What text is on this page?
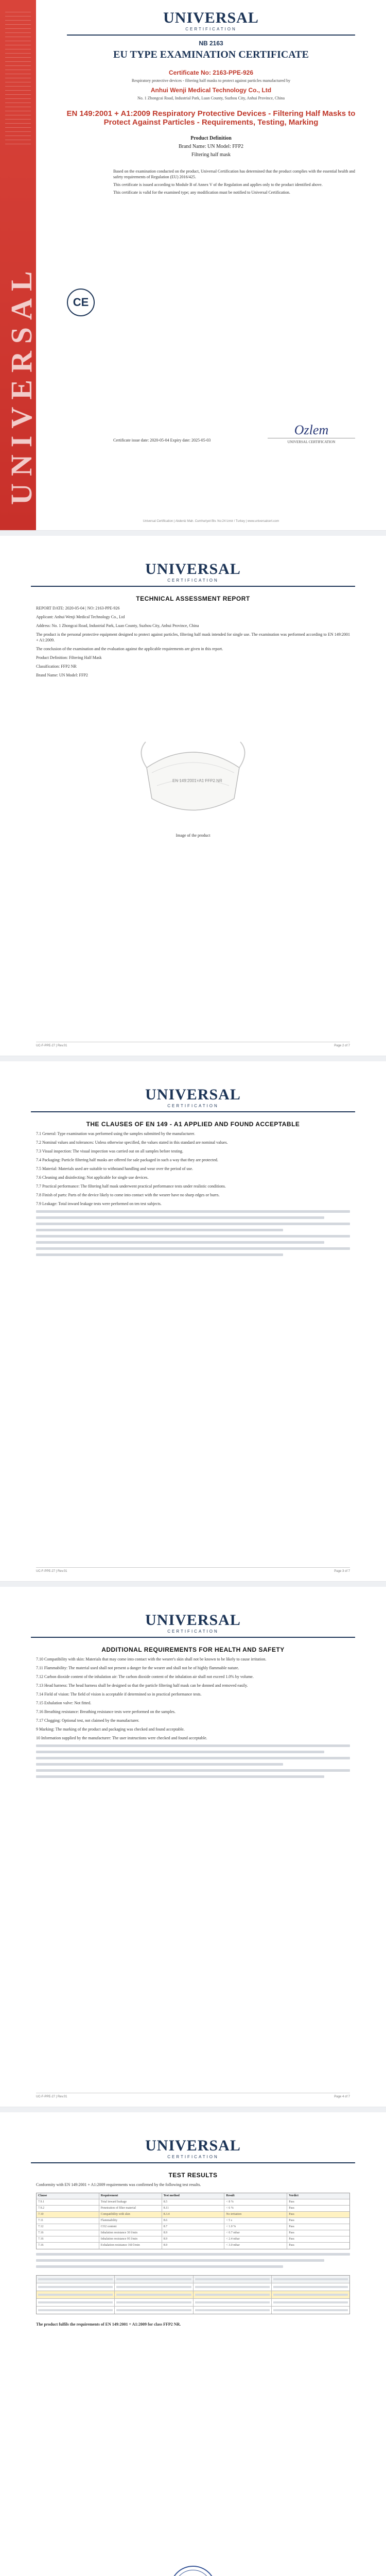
UNIVERSAL
UNIVERSAL
CERTIFICATION
NB 2163
EU TYPE EXAMINATION CERTIFICATE
Certificate No: 2163-PPE-926
Respiratory protective devices - filtering half masks to protect against particles manufactured by
Anhui Wenji Medical Technology Co., Ltd
No. 1 Zhongcai Road, Industrial Park, Luan County, Suzhou City, Anhui Province, China
EN 149:2001 + A1:2009 Respiratory Protective Devices - Filtering Half Masks to Protect Against Particles - Requirements, Testing, Marking
Product Definition
Brand Name: UN Model: FFP2
Filtering half mask
CE

Based on the examination conducted on the product, Universal Certification has determined that the product complies with the essential health and safety requirements of Regulation (EU) 2016/425.

This certificate is issued according to Module B of Annex V of the Regulation and applies only to the product identified above.

This certificate is valid for the examined type; any modification must be notified to Universal Certification.

Certificate issue date: 2020-05-04 Expiry date: 2025-05-03
Ozlem
UNIVERSAL CERTIFICATION
Universal Certification | Akdeniz Mah. Cumhuriyet Blv. No:24 Izmir / Turkey | www.universalcert.com
UNIVERSAL
CERTIFICATION
TECHNICAL ASSESSMENT REPORT
REPORT DATE: 2020-05-04 | NO: 2163-PPE-926
Applicant: Anhui Wenji Medical Technology Co., Ltd
Address: No. 1 Zhongcai Road, Industrial Park, Luan County, Suzhou City, Anhui Province, China
The product is the personal protective equipment designed to protect against particles, filtering half mask intended for single use. The examination was performed according to EN 149:2001 + A1:2009.
The conclusion of the examination and the evaluation against the applicable requirements are given in this report.
Product Definition: Filtering Half Mask
Classification: FFP2 NR
Brand Name: UN Model: FFP2
EN 149:2001+A1 FFP2 NR
Image of the product
UC-F-PPE-27 | Rev.01	Page 2 of 7
UNIVERSAL
CERTIFICATION
THE CLAUSES OF EN 149 - A1 APPLIED AND FOUND ACCEPTABLE
7.1 General: Type examination was performed using the samples submitted by the manufacturer.
7.2 Nominal values and tolerances: Unless otherwise specified, the values stated in this standard are nominal values.
7.3 Visual inspection: The visual inspection was carried out on all samples before testing.
7.4 Packaging: Particle filtering half masks are offered for sale packaged in such a way that they are protected.
7.5 Material: Materials used are suitable to withstand handling and wear over the period of use.
7.6 Cleaning and disinfecting: Not applicable for single use devices.
7.7 Practical performance: The filtering half mask underwent practical performance tests under realistic conditions.
7.8 Finish of parts: Parts of the device likely to come into contact with the wearer have no sharp edges or burrs.
7.9 Leakage: Total inward leakage tests were performed on ten test subjects.
UC-F-PPE-27 | Rev.01	Page 3 of 7
UNIVERSAL
CERTIFICATION
ADDITIONAL REQUIREMENTS FOR HEALTH AND SAFETY
7.10 Compatibility with skin: Materials that may come into contact with the wearer's skin shall not be known to be likely to cause irritation.
7.11 Flammability: The material used shall not present a danger for the wearer and shall not be of highly flammable nature.
7.12 Carbon dioxide content of the inhalation air: The carbon dioxide content of the inhalation air shall not exceed 1.0% by volume.
7.13 Head harness: The head harness shall be designed so that the particle filtering half mask can be donned and removed easily.
7.14 Field of vision: The field of vision is acceptable if determined so in practical performance tests.
7.15 Exhalation valve: Not fitted.
7.16 Breathing resistance: Breathing resistance tests were performed on the samples.
7.17 Clogging: Optional test, not claimed by the manufacturer.
9 Marking: The marking of the product and packaging was checked and found acceptable.
10 Information supplied by the manufacturer: The user instructions were checked and found acceptable.
UC-F-PPE-27 | Rev.01	Page 4 of 7
UNIVERSAL
CERTIFICATION
TEST RESULTS
Conformity with EN 149:2001 + A1:2009 requirements was confirmed by the following test results.
Clause	Requirement	Test method	Result	Verdict
7.9.1	Total inward leakage	8.5	< 8 %	Pass
7.9.2	Penetration of filter material	8.11	< 6 %	Pass
7.10	Compatibility with skin	8.3.4	No irritation	Pass
7.11	Flammability	8.6	< 5 s	Pass
7.12	CO2 content	8.7	< 1.0 %	Pass
7.16	Inhalation resistance 30 l/min	8.9	< 0.7 mbar	Pass
7.16	Inhalation resistance 95 l/min	8.9	< 2.4 mbar	Pass
7.16	Exhalation resistance 160 l/min	8.9	< 3.0 mbar	Pass
The product fulfils the requirements of EN 149:2001 + A1:2009 for class FFP2 NR.
